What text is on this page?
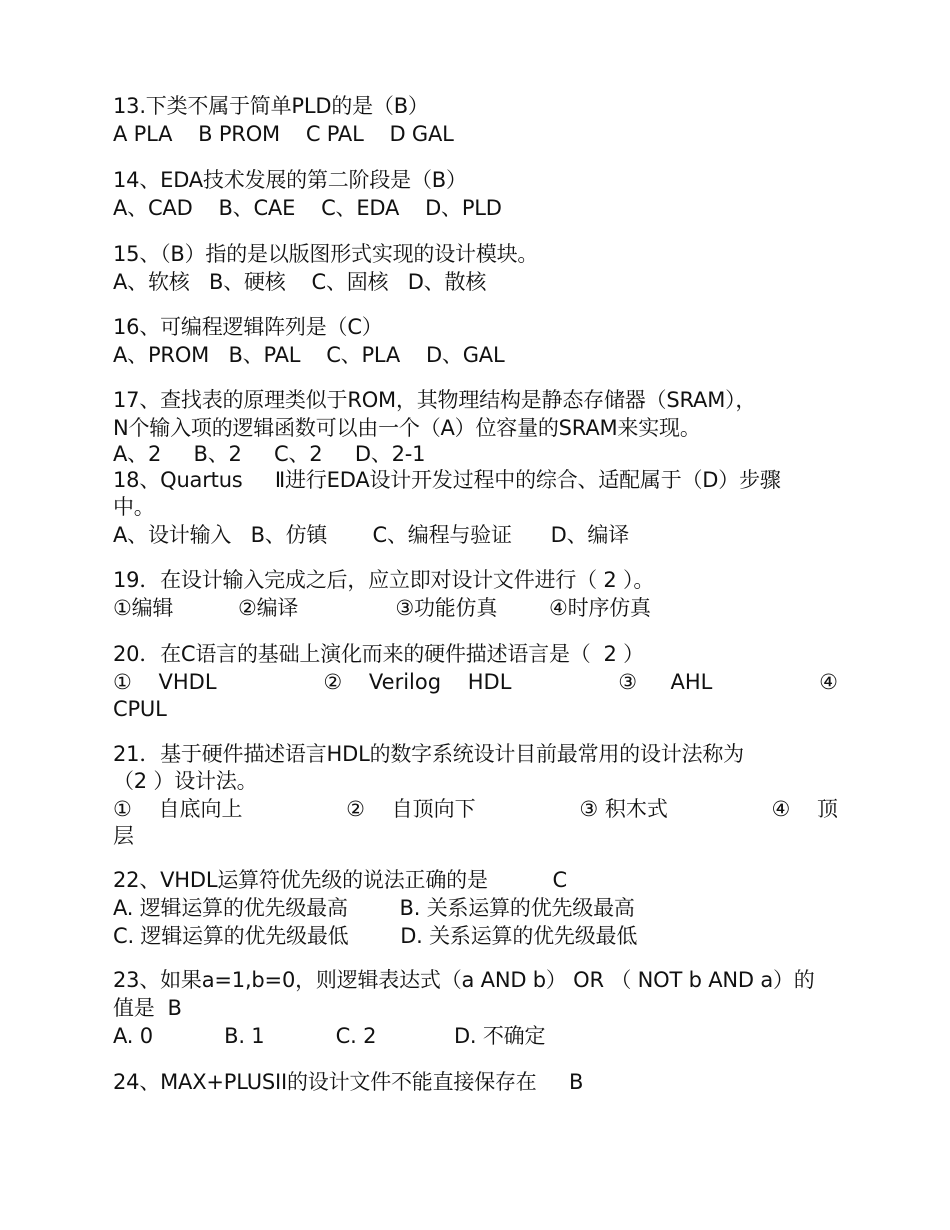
13.下类不属于简单PLD的是（B）
A PLA    B PROM    C PAL    D GAL
14、EDA技术发展的第二阶段是（B）
A、CAD    B、CAE    C、EDA    D、PLD
15、（B）指的是以版图形式实现的设计模块。
A、软核   B、硬核    C、固核   D、散核
16、可编程逻辑阵列是（C）
A、PROM   B、PAL    C、PLA    D、GAL
17、查找表的原理类似于ROM，其物理结构是静态存储器（SRAM），
N个输入项的逻辑函数可以由一个（A）位容量的SRAM来实现。
A、2     B、2     C、2     D、2-1
18、Quartus     Ⅱ进行EDA设计开发过程中的综合、适配属于（D）步骤
中。
A、设计输入   B、仿镇       C、编程与验证      D、编译
19．在设计输入完成之后，应立即对设计文件进行（ 2 ）。
①编辑          ②编译               ③功能仿真        ④时序仿真
20．在C语言的基础上演化而来的硬件描述语言是（  2 ）
①    VHDL	②    Verilog    HDL	③     AHL	④
CPUL
21．基于硬件描述语言HDL的数字系统设计目前最常用的设计法称为
（2 ）设计法。
①    自底向上	②    自顶向下	③ 积木式	④    顶
层
22、VHDL运算符优先级的说法正确的是          C
A. 逻辑运算的优先级最高        B. 关系运算的优先级最高
C. 逻辑运算的优先级最低        D. 关系运算的优先级最低
23、如果a=1,b=0，则逻辑表达式（a AND b） OR （ NOT b AND a）的
值是  B
A. 0           B. 1           C. 2            D. 不确定
24、MAX+PLUSII的设计文件不能直接保存在     B
